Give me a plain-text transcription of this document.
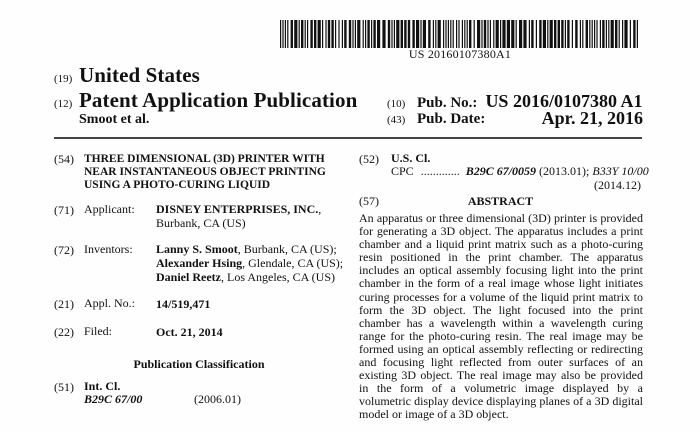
US 20160107380A1
(19) United States
(12) Patent Application Publication
Smoot et al.
(10) Pub. No.: US 2016/0107380 A1
(43) Pub. Date:	Apr. 21, 2016
(54) THREE DIMENSIONAL (3D) PRINTER WITH NEAR INSTANTANEOUS OBJECT PRINTING USING A PHOTO-CURING LIQUID
(71) Applicant: DISNEY ENTERPRISES, INC.,
Burbank, CA (US)
(72) Inventors: Lanny S. Smoot, Burbank, CA (US);
Alexander Hsing, Glendale, CA (US);
Daniel Reetz, Los Angeles, CA (US)
(21) Appl. No.: 14/519,471
(22) Filed:	Oct. 21, 2014
Publication Classification
(51) Int. Cl.
B29C 67/00	(2006.01)
(52) U.S. Cl.
CPC ............. B29C 67/0059 (2013.01); B33Y 10/00
(2014.12)
(57)	ABSTRACT
An apparatus or three dimensional (3D) printer is provided for generating a 3D object. The apparatus includes a print chamber and a liquid print matrix such as a photo-curing resin positioned in the print chamber. The apparatus includes an optical assembly focusing light into the print chamber in the form of a real image whose light initiates curing processes for a volume of the liquid print matrix to form the 3D object. The light focused into the print chamber has a wavelength within a wavelength curing range for the photo-curing resin. The real image may be formed using an optical assembly reflecting or redirecting and focusing light reflected from outer surfaces of an existing 3D object. The real image may also be provided in the form of a volumetric image displayed by a volumetric display device displaying planes of a 3D digital model or image of a 3D object.
